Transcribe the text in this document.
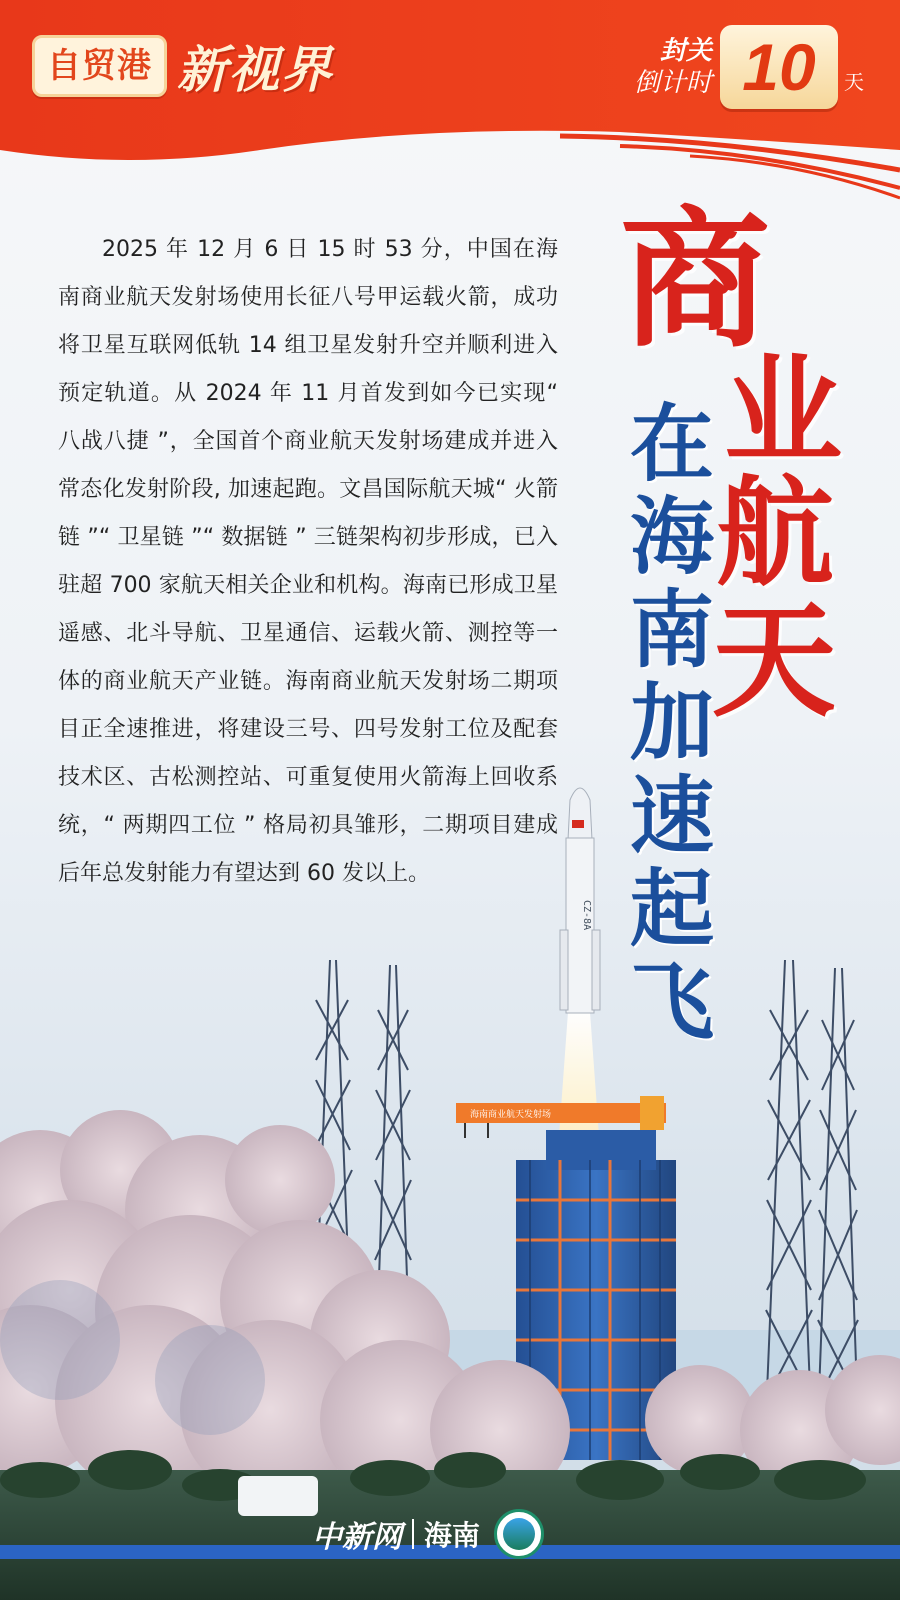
海南商业航天发射场
CZ-8A
自贸港 新视界	封关
倒计时 10	天

2025 年 12 月 6 日 15 时 53 分，中国在海南商业航天发射场使用长征八号甲运载火箭，成功将卫星互联网低轨 14 组卫星发射升空并顺利进入预定轨道。从 2024 年 11 月首发到如今已实现“ 八战八捷 ”，全国首个商业航天发射场建成并进入常态化发射阶段, 加速起跑。文昌国际航天城“ 火箭链 ”“ 卫星链 ”“ 数据链 ” 三链架构初步形成，已入驻超 700 家航天相关企业和机构。海南已形成卫星遥感、北斗导航、卫星通信、运载火箭、测控等一体的商业航天产业链。海南商业航天发射场二期项目正全速推进，将建设三号、四号发射工位及配套技术区、古松测控站、可重复使用火箭海上回收系统，“ 两期四工位 ” 格局初具雏形，二期项目建成后年总发射能力有望达到 60 发以上。

商
业
航
天
在
海
南
加
速
起
飞
中新网 海南
